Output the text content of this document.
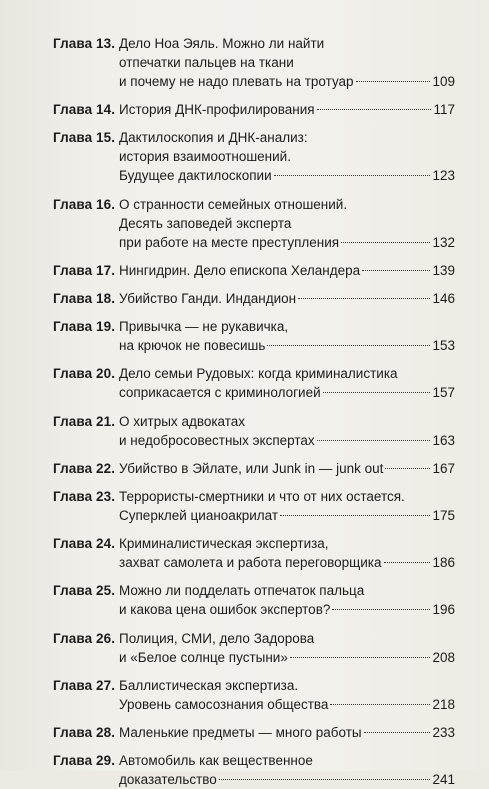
Глава 13. Дело Ноа Эяль. Можно ли найти
отпечатки пальцев на ткани
и почему не надо плевать на тротуар	109
Глава 14. История ДНК-профилирования	117
Глава 15. Дактилоскопия и ДНК-анализ:
история взаимоотношений.
Будущее дактилоскопии	123
Глава 16. О странности семейных отношений.
Десять заповедей эксперта
при работе на месте преступления	132
Глава 17. Нингидрин. Дело епископа Хеландера	139
Глава 18. Убийство Ганди. Индандион	146
Глава 19. Привычка — не рукавичка,
на крючок не повесишь	153
Глава 20. Дело семьи Рудовых: когда криминалистика
соприкасается с криминологией	157
Глава 21. О хитрых адвокатах
и недобросовестных экспертах	163
Глава 22. Убийство в Эйлате, или Junk in — junk out	167
Глава 23. Террористы-смертники и что от них остается.
Суперклей цианоакрилат	175
Глава 24. Криминалистическая экспертиза,
захват самолета и работа переговорщика	186
Глава 25. Можно ли подделать отпечаток пальца
и какова цена ошибок экспертов?	196
Глава 26. Полиция, СМИ, дело Задорова
и «Белое солнце пустыни»	208
Глава 27. Баллистическая экспертиза.
Уровень самосознания общества	218
Глава 28. Маленькие предметы — много работы	233
Глава 29. Автомобиль как вещественное
доказательство	241
